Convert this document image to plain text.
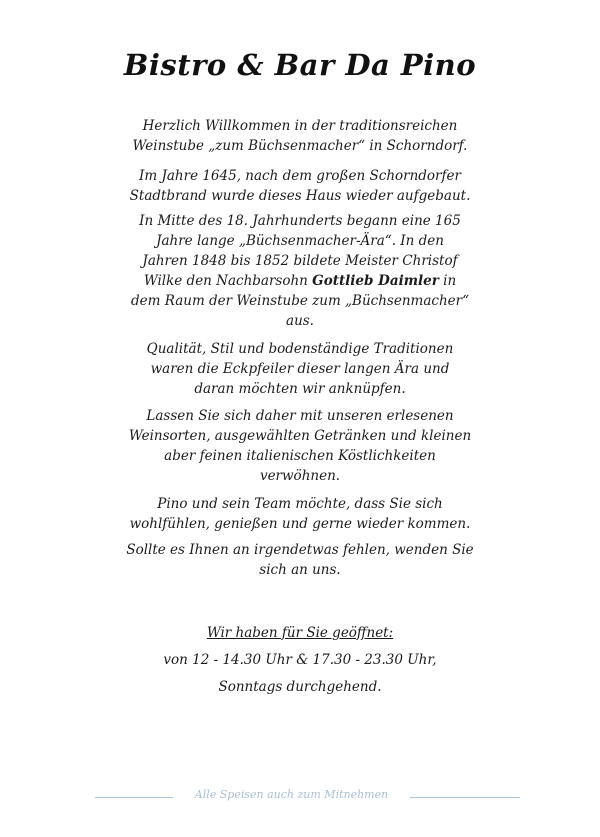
Bistro & Bar Da Pino
Herzlich Willkommen in der traditionsreichen
Weinstube „zum Büchsenmacher“ in Schorndorf.
Im Jahre 1645, nach dem großen Schorndorfer
Stadtbrand wurde dieses Haus wieder aufgebaut.
In Mitte des 18. Jahrhunderts begann eine 165
Jahre lange „Büchsenmacher-Ära“. In den
Jahren 1848 bis 1852 bildete Meister Christof
Wilke den Nachbarsohn Gottlieb Daimler in
dem Raum der Weinstube zum „Büchsenmacher“
aus.
Qualität, Stil und bodenständige Traditionen
waren die Eckpfeiler dieser langen Ära und
daran möchten wir anknüpfen.
Lassen Sie sich daher mit unseren erlesenen
Weinsorten, ausgewählten Getränken und kleinen
aber feinen italienischen Köstlichkeiten
verwöhnen.
Pino und sein Team möchte, dass Sie sich
wohlfühlen, genießen und gerne wieder kommen.
Sollte es Ihnen an irgendetwas fehlen, wenden Sie
sich an uns.
Wir haben für Sie geöffnet:
von 12 - 14.30 Uhr & 17.30 - 23.30 Uhr,
Sonntags durchgehend.
Alle Speisen auch zum Mitnehmen
